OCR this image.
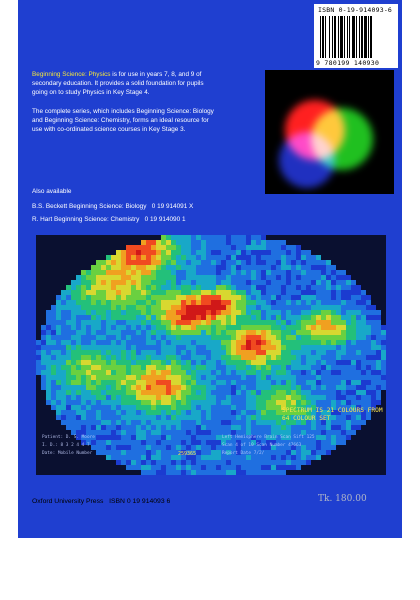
ISBN 0-19-914093-6
9 780199 140930
Beginning Science: Physics is for use in years 7, 8, and 9 of
secondary education. It provides a solid foundation for pupils
going on to study Physics in Key Stage 4.
The complete series, which includes Beginning Science: Biology
and Beginning Science: Chemistry, forms an ideal resource for
use with co-ordinated science courses in Key Stage 3.
Also available
B.S. Beckett Beginning Science: Biology 0 19 914091 X
R. Hart Beginning Science: Chemistry 0 19 914090 1
SPECTRUM IS 21 COLOURS FROM
64 COLOUR SET
Patient: D. S. Moore
I. D.: 8 3 2 4 4 7
Date: Mobile Number
Left Hemisphere Brain Scan Sift 125
Scan 4 of 10 Scan Number 47663
Report Date 7/2/
259365
Oxford University Press ISBN 0 19 914093 6	Tk. 180.00
